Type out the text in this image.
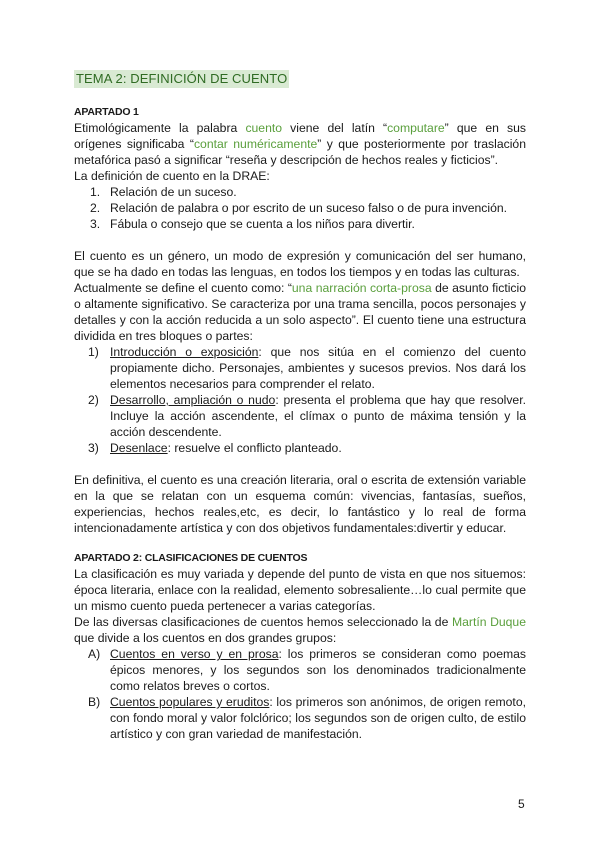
TEMA 2: DEFINICIÓN DE CUENTO
APARTADO 1

Etimológicamente la palabra cuento viene del latín “computare” que en sus orígenes significaba “contar numéricamente” y que posteriormente por traslación metafórica pasó a significar “reseña y descripción de hechos reales y ficticios”.

La definición de cuento en la DRAE:

1. Relación de un suceso.
2. Relación de palabra o por escrito de un suceso falso o de pura invención.
3. Fábula o consejo que se cuenta a los niños para divertir.

El cuento es un género, un modo de expresión y comunicación del ser humano, que se ha dado en todas las lenguas, en todos los tiempos y en todas las culturas.

Actualmente se define el cuento como: “una narración corta-prosa de asunto ficticio o altamente significativo. Se caracteriza por una trama sencilla, pocos personajes y detalles y con la acción reducida a un solo aspecto”. El cuento tiene una estructura dividida en tres bloques o partes:

1) Introducción o exposición: que nos sitúa en el comienzo del cuento propiamente dicho. Personajes, ambientes y sucesos previos. Nos dará los elementos necesarios para comprender el relato.
2) Desarrollo, ampliación o nudo: presenta el problema que hay que resolver. Incluye la acción ascendente, el clímax o punto de máxima tensión y la acción descendente.
3) Desenlace: resuelve el conflicto planteado.

En definitiva, el cuento es una creación literaria, oral o escrita de extensión variable en la que se relatan con un esquema común: vivencias, fantasías, sueños, experiencias, hechos reales,etc, es decir, lo fantástico y lo real de forma intencionadamente artística y con dos objetivos fundamentales:divertir y educar.

APARTADO 2: CLASIFICACIONES DE CUENTOS

La clasificación es muy variada y depende del punto de vista en que nos situemos: época literaria, enlace con la realidad, elemento sobresaliente…lo cual permite que un mismo cuento pueda pertenecer a varias categorías.

De las diversas clasificaciones de cuentos hemos seleccionado la de Martín Duque que divide a los cuentos en dos grandes grupos:

A) Cuentos en verso y en prosa: los primeros se consideran como poemas épicos menores, y los segundos son los denominados tradicionalmente como relatos breves o cortos.
B) Cuentos populares y eruditos: los primeros son anónimos, de origen remoto, con fondo moral y valor folclórico; los segundos son de origen culto, de estilo artístico y con gran variedad de manifestación.
5
